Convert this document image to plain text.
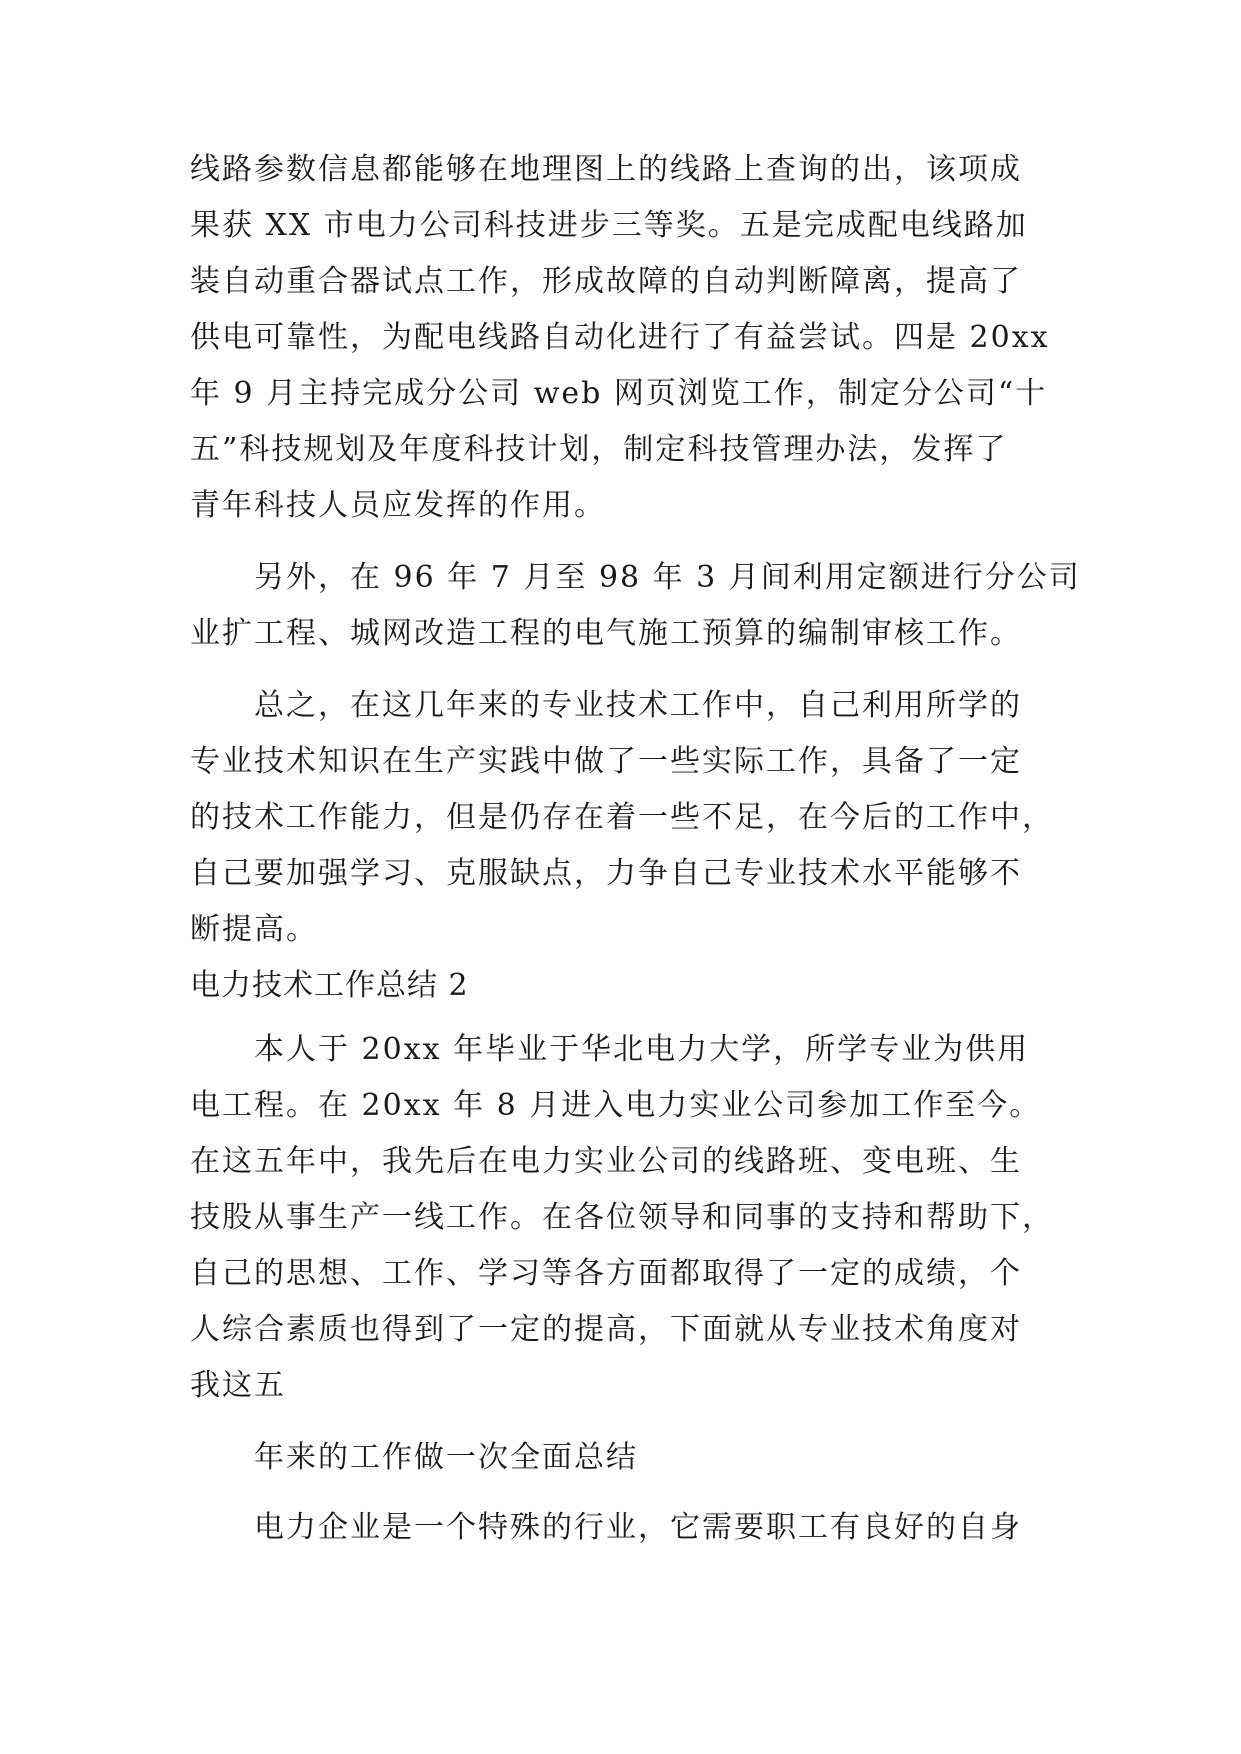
线路参数信息都能够在地理图上的线路上查询的出，该项成
果获 XX 市电力公司科技进步三等奖。五是完成配电线路加
装自动重合器试点工作，形成故障的自动判断障离，提高了
供电可靠性，为配电线路自动化进行了有益尝试。四是 20xx
年 9 月主持完成分公司 web 网页浏览工作，制定分公司“十
五”科技规划及年度科技计划，制定科技管理办法，发挥了
青年科技人员应发挥的作用。
另外，在 96 年 7 月至 98 年 3 月间利用定额进行分公司
业扩工程、城网改造工程的电气施工预算的编制审核工作。
总之，在这几年来的专业技术工作中，自己利用所学的
专业技术知识在生产实践中做了一些实际工作，具备了一定
的技术工作能力，但是仍存在着一些不足，在今后的工作中，
自己要加强学习、克服缺点，力争自己专业技术水平能够不
断提高。
电力技术工作总结 2
本人于 20xx 年毕业于华北电力大学，所学专业为供用
电工程。在 20xx 年 8 月进入电力实业公司参加工作至今。
在这五年中，我先后在电力实业公司的线路班、变电班、生
技股从事生产一线工作。在各位领导和同事的支持和帮助下，
自己的思想、工作、学习等各方面都取得了一定的成绩，个
人综合素质也得到了一定的提高，下面就从专业技术角度对
我这五
年来的工作做一次全面总结
电力企业是一个特殊的行业，它需要职工有良好的自身
